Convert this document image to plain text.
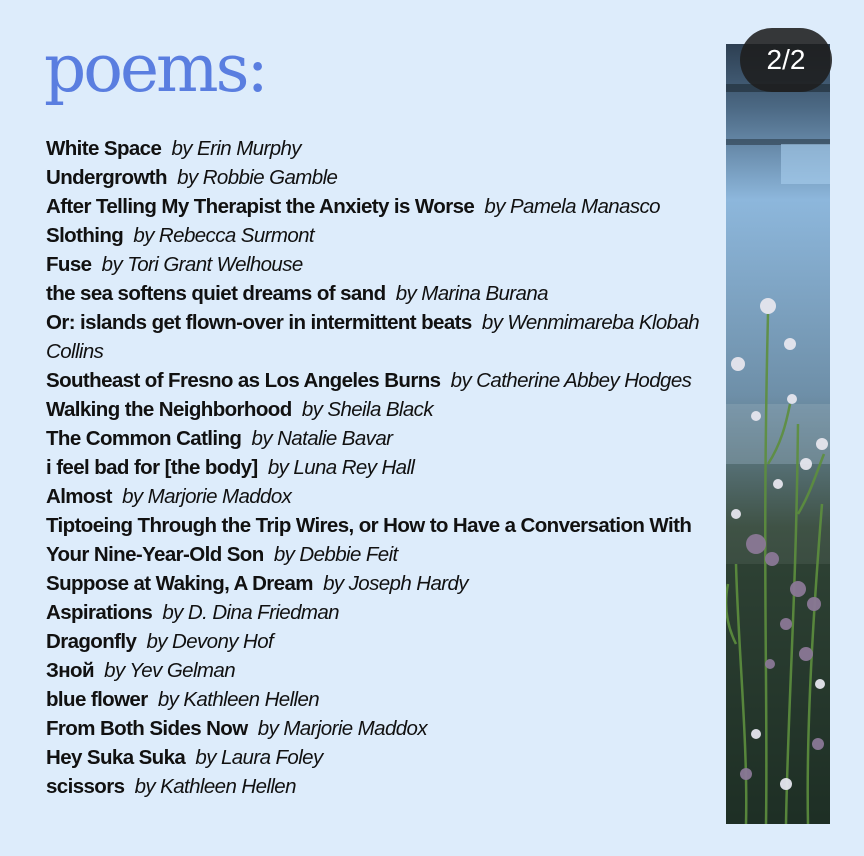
poems:
White Space by Erin Murphy
Undergrowth by Robbie Gamble
After Telling My Therapist the Anxiety is Worse by Pamela Manasco
Slothing by Rebecca Surmont
Fuse by Tori Grant Welhouse
the sea softens quiet dreams of sand by Marina Burana
Or: islands get flown-over in intermittent beats by Wenmimareba Klobah Collins
Southeast of Fresno as Los Angeles Burns by Catherine Abbey Hodges
Walking the Neighborhood by Sheila Black
The Common Catling by Natalie Bavar
i feel bad for [the body] by Luna Rey Hall
Almost by Marjorie Maddox
Tiptoeing Through the Trip Wires, or How to Have a Conversation With Your Nine-Year-Old Son by Debbie Feit
Suppose at Waking, A Dream by Joseph Hardy
Aspirations by D. Dina Friedman
Dragonfly by Devony Hof
Зной by Yev Gelman
blue flower by Kathleen Hellen
From Both Sides Now by Marjorie Maddox
Hey Suka Suka by Laura Foley
scissors by Kathleen Hellen
2/2
